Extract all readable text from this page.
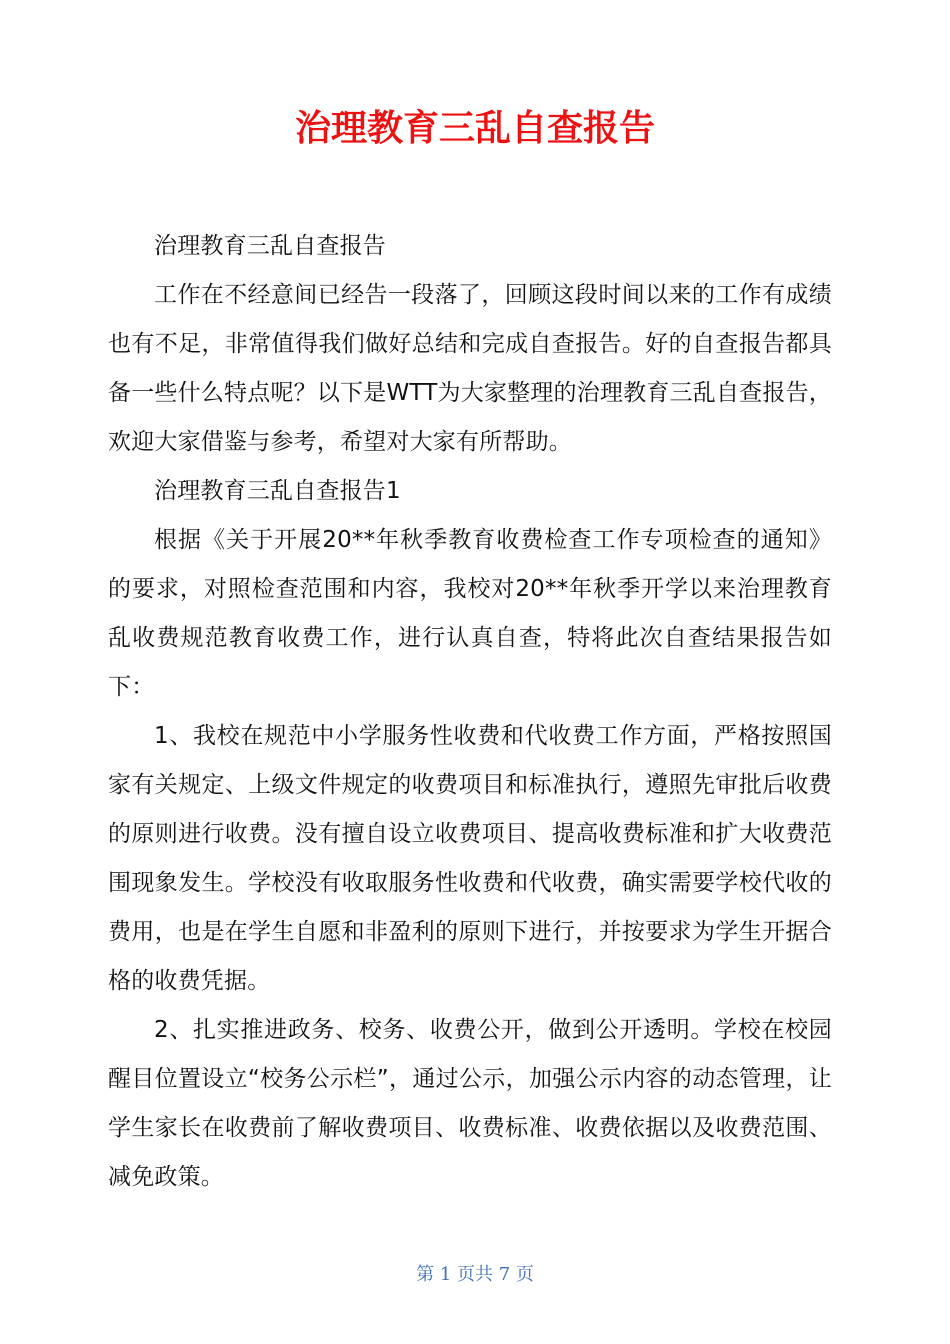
治理教育三乱自查报告

治理教育三乱自查报告

工作在不经意间已经告一段落了，回顾这段时间以来的工作有成绩也有不足，非常值得我们做好总结和完成自查报告。好的自查报告都具备一些什么特点呢？以下是WTT为大家整理的治理教育三乱自查报告，欢迎大家借鉴与参考，希望对大家有所帮助。

治理教育三乱自查报告1

根据《关于开展20**年秋季教育收费检查工作专项检查的通知》的要求，对照检查范围和内容，我校对20**年秋季开学以来治理教育乱收费规范教育收费工作，进行认真自查，特将此次自查结果报告如下：

1、我校在规范中小学服务性收费和代收费工作方面，严格按照国家有关规定、上级文件规定的收费项目和标准执行，遵照先审批后收费的原则进行收费。没有擅自设立收费项目、提高收费标准和扩大收费范围现象发生。学校没有收取服务性收费和代收费，确实需要学校代收的费用，也是在学生自愿和非盈利的原则下进行，并按要求为学生开据合格的收费凭据。

2、扎实推进政务、校务、收费公开，做到公开透明。学校在校园醒目位置设立“校务公示栏”，通过公示，加强公示内容的动态管理，让学生家长在收费前了解收费项目、收费标准、收费依据以及收费范围、减免政策。

第 1 页共 7 页
